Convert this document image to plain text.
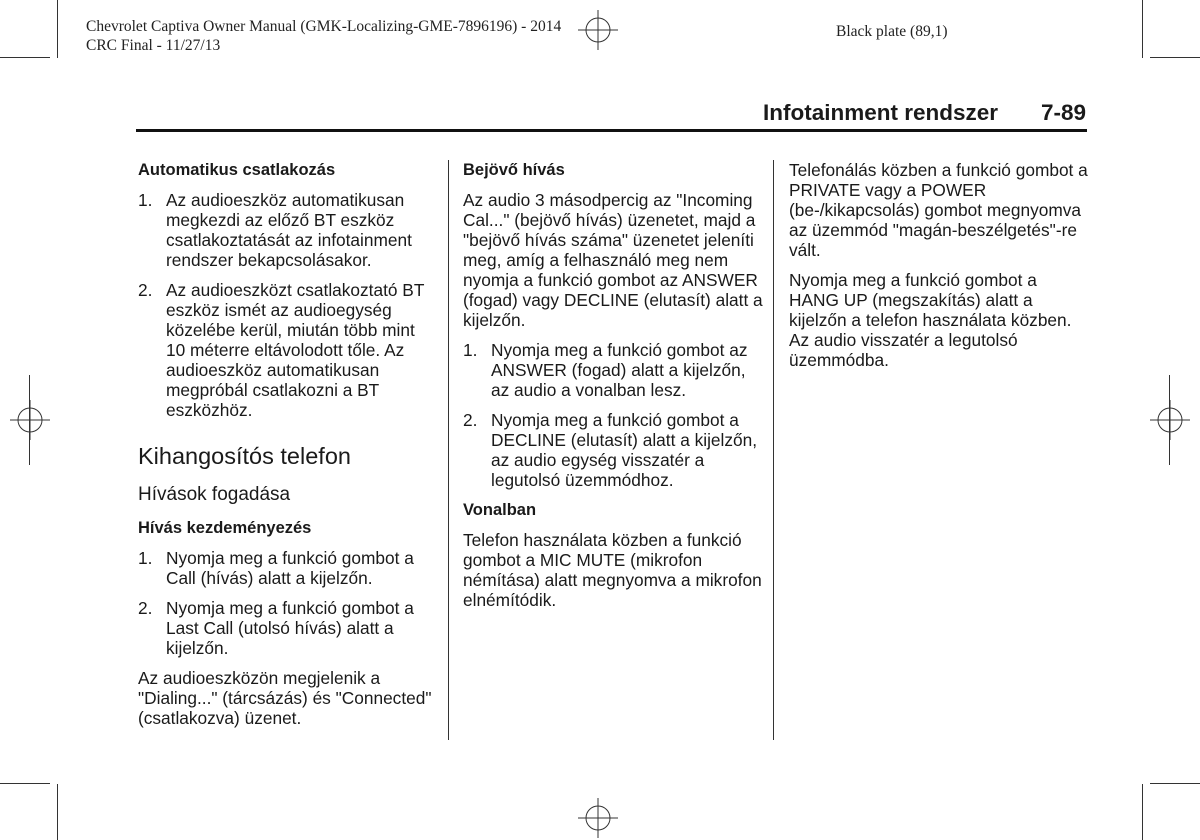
Chevrolet Captiva Owner Manual (GMK-Localizing-GME-7896196) - 2014
CRC Final - 11/27/13
Black plate (89,1)
Infotainment rendszer 7-89
Automatikus csatlakozás
1. Az audioeszköz automatikusan megkezdi az előző BT eszköz csatlakoztatását az infotainment rendszer bekapcsolásakor.
2. Az audioeszközt csatlakoztató BT eszköz ismét az audioegység közelébe kerül, miután több mint 10 méterre eltávolodott tőle. Az audioeszköz automatikusan megpróbál csatlakozni a BT eszközhöz.
Kihangosítós telefon
Hívások fogadása
Hívás kezdeményezés
1. Nyomja meg a funkció gombot a Call (hívás) alatt a kijelzőn.
2. Nyomja meg a funkció gombot a Last Call (utolsó hívás) alatt a kijelzőn.

Az audioeszközön megjelenik a "Dialing..." (tárcsázás) és "Connected" (csatlakozva) üzenet.

Bejövő hívás

Az audio 3 másodpercig az "Incoming Cal..." (bejövő hívás) üzenetet, majd a "bejövő hívás száma" üzenetet jeleníti meg, amíg a felhasználó meg nem nyomja a funkció gombot az ANSWER (fogad) vagy DECLINE (elutasít) alatt a kijelzőn.

1. Nyomja meg a funkció gombot az ANSWER (fogad) alatt a kijelzőn, az audio a vonalban lesz.
2. Nyomja meg a funkció gombot a DECLINE (elutasít) alatt a kijelzőn, az audio egység visszatér a legutolsó üzemmódhoz.
Vonalban

Telefon használata közben a funkció gombot a MIC MUTE (mikrofon némítása) alatt megnyomva a mikrofon elnémítódik.

Telefonálás közben a funkció gombot a PRIVATE vagy a POWER (be-/kikapcsolás) gombot megnyomva az üzemmód "magán-beszélgetés"-re vált.

Nyomja meg a funkció gombot a HANG UP (megszakítás) alatt a kijelzőn a telefon használata közben. Az audio visszatér a legutolsó üzemmódba.
